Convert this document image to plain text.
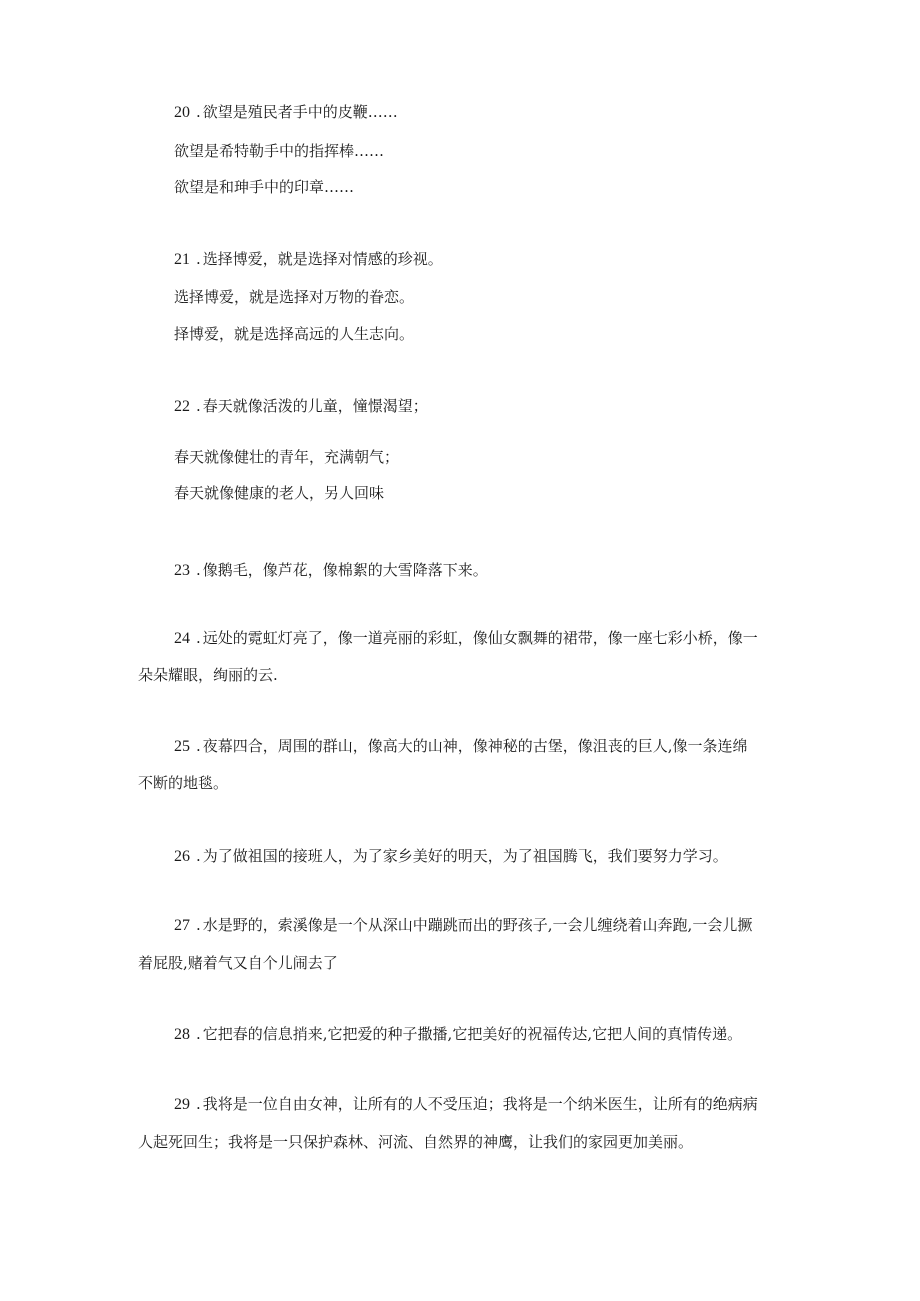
20 . 欲望是殖民者手中的皮鞭……

欲望是希特勒手中的指挥棒……

欲望是和珅手中的印章……

21 . 选择博爱，就是选择对情感的珍视。

选择博爱，就是选择对万物的眷恋。

择博爱，就是选择高远的人生志向。

22 . 春天就像活泼的儿童，憧憬渴望；

春天就像健壮的青年，充满朝气；

春天就像健康的老人，另人回味

23 . 像鹅毛，像芦花，像棉絮的大雪降落下来。

24 . 远处的霓虹灯亮了，像一道亮丽的彩虹，像仙女飘舞的裙带，像一座七彩小桥，像一

朵朵耀眼，绚丽的云.

25 . 夜幕四合，周围的群山，像高大的山神，像神秘的古堡，像沮丧的巨人,像一条连绵

不断的地毯。

26 . 为了做祖国的接班人，为了家乡美好的明天，为了祖国腾飞，我们要努力学习。

27 . 水是野的，索溪像是一个从深山中蹦跳而出的野孩子,一会儿缠绕着山奔跑,一会儿撅

着屁股,赌着气又自个儿闹去了

28 . 它把春的信息捎来,它把爱的种子撒播,它把美好的祝福传达,它把人间的真情传递。

29 . 我将是一位自由女神，让所有的人不受压迫；我将是一个纳米医生，让所有的绝病病

人起死回生；我将是一只保护森林、河流、自然界的神鹰，让我们的家园更加美丽。
